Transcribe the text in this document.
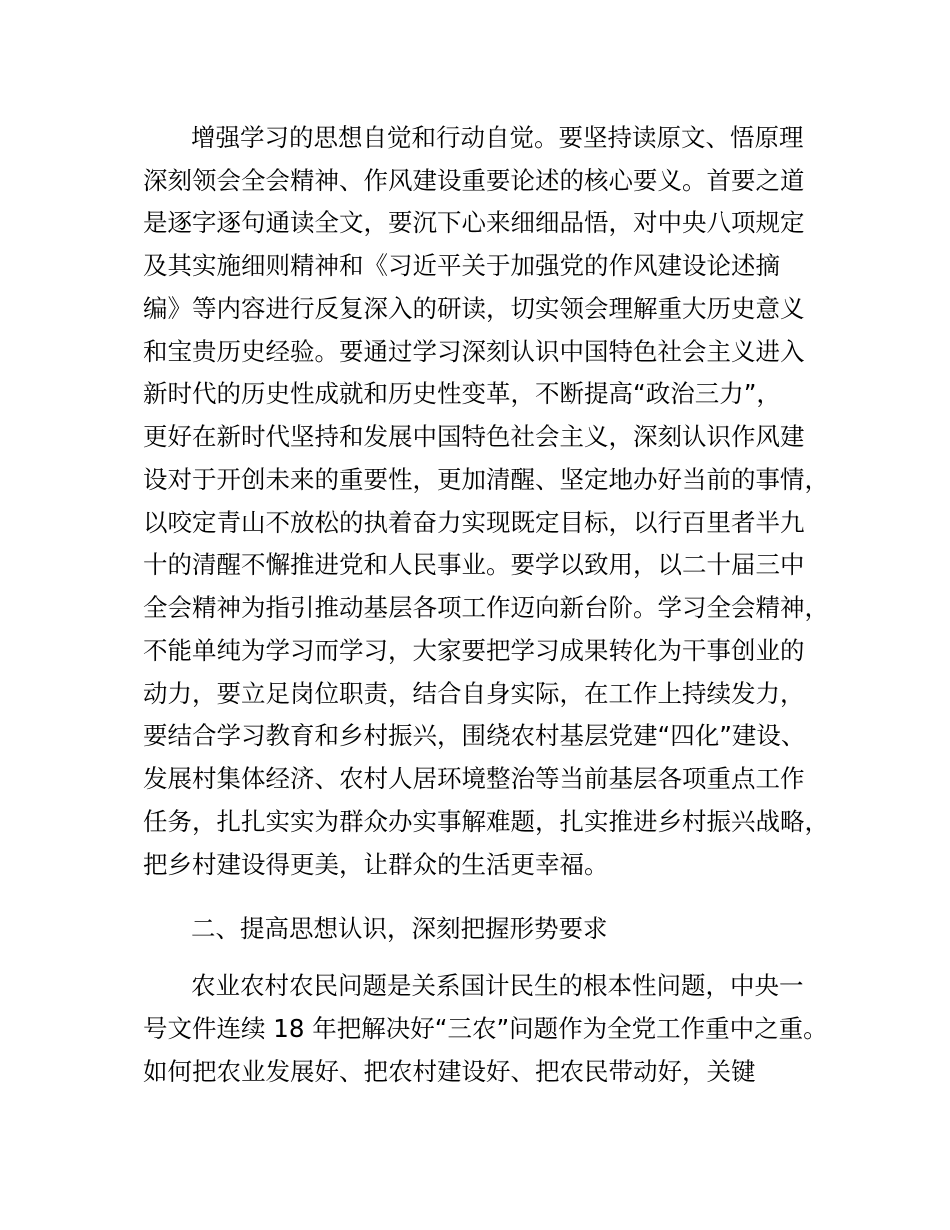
增强学习的思想自觉和行动自觉。要坚持读原文、悟原理
深刻领会全会精神、作风建设重要论述的核心要义。首要之道
是逐字逐句通读全文，要沉下心来细细品悟，对中央八项规定
及其实施细则精神和《习近平关于加强党的作风建设论述摘
编》等内容进行反复深入的研读，切实领会理解重大历史意义
和宝贵历史经验。要通过学习深刻认识中国特色社会主义进入
新时代的历史性成就和历史性变革，不断提高“政治三力”，
更好在新时代坚持和发展中国特色社会主义，深刻认识作风建
设对于开创未来的重要性，更加清醒、坚定地办好当前的事情，
以咬定青山不放松的执着奋力实现既定目标，以行百里者半九
十的清醒不懈推进党和人民事业。要学以致用，以二十届三中
全会精神为指引推动基层各项工作迈向新台阶。学习全会精神，
不能单纯为学习而学习，大家要把学习成果转化为干事创业的
动力，要立足岗位职责，结合自身实际，在工作上持续发力，
要结合学习教育和乡村振兴，围绕农村基层党建“四化”建设、
发展村集体经济、农村人居环境整治等当前基层各项重点工作
任务，扎扎实实为群众办实事解难题，扎实推进乡村振兴战略，
把乡村建设得更美，让群众的生活更幸福。
二、提高思想认识，深刻把握形势要求
农业农村农民问题是关系国计民生的根本性问题，中央一
号文件连续 18 年把解决好“三农”问题作为全党工作重中之重。
如何把农业发展好、把农村建设好、把农民带动好，关键
